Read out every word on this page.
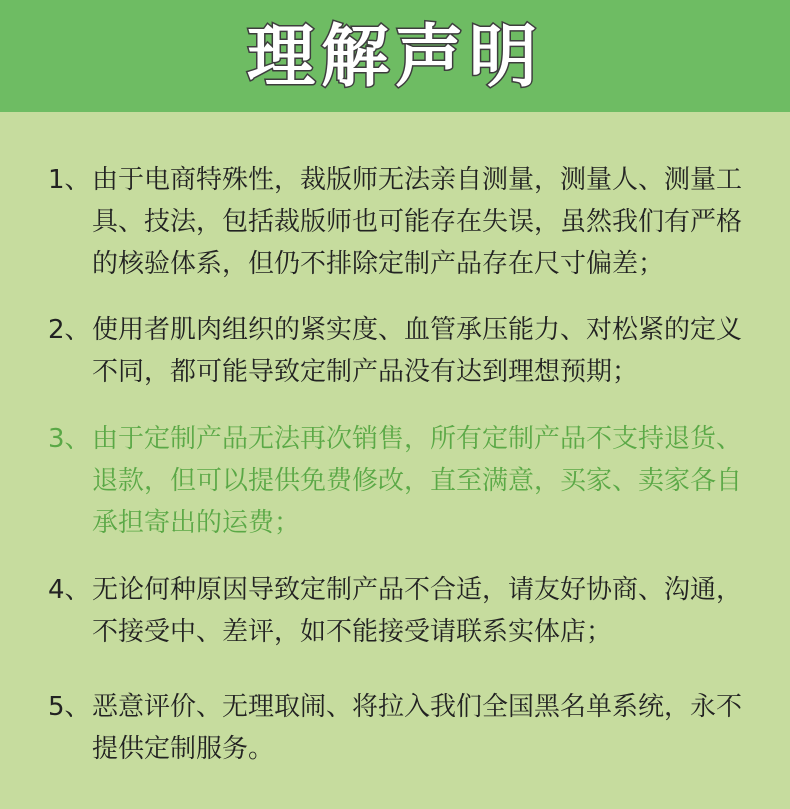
理解声明
1、 由于电商特殊性，裁版师无法亲自测量，测量人、测量工具、技法，包括裁版师也可能存在失误，虽然我们有严格的核验体系，但仍不排除定制产品存在尺寸偏差；
2、 使用者肌肉组织的紧实度、血管承压能力、对松紧的定义不同，都可能导致定制产品没有达到理想预期；
3、 由于定制产品无法再次销售，所有定制产品不支持退货、退款，但可以提供免费修改，直至满意，买家、卖家各自承担寄出的运费；
4、 无论何种原因导致定制产品不合适，请友好协商、沟通，不接受中、差评，如不能接受请联系实体店；
5、 恶意评价、无理取闹、将拉入我们全国黑名单系统，永不提供定制服务。
